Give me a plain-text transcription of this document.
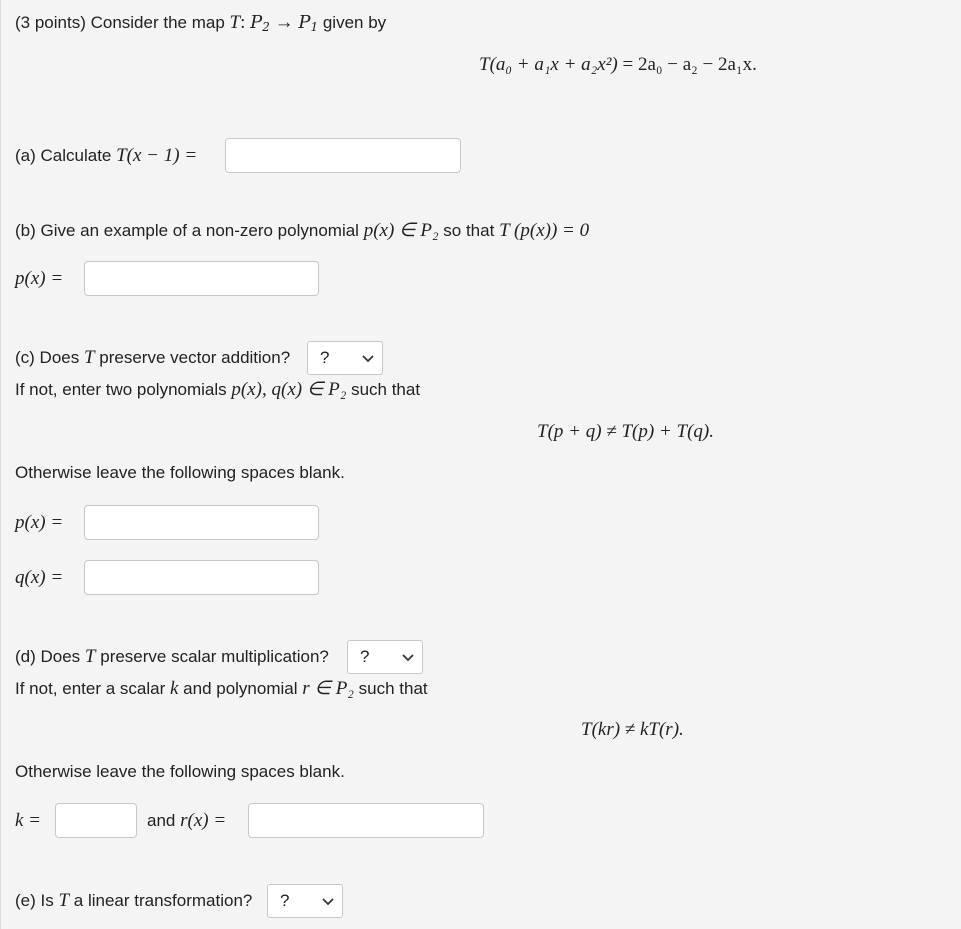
(3 points) Consider the map T: $P_2 \to P_1$ given by
T(a₀ + a₁x + a₂x²) = 2a₀ − a₂ − 2a₁x.
(a) Calculate T(x − 1) =
(b) Give an example of a non-zero polynomial p(x) ∈ P₂ so that T (p(x)) = 0
p(x) =
(c) Does T preserve vector addition?	?
If not, enter two polynomials p(x), q(x) ∈ P₂ such that
T(p + q) ≠ T(p) + T(q).
Otherwise leave the following spaces blank.
p(x) =
q(x) =
(d) Does T preserve scalar multiplication?	?
If not, enter a scalar k and polynomial r ∈ P₂ such that
T(kr) ≠ kT(r).
Otherwise leave the following spaces blank.
k =	and r(x) =
(e) Is T a linear transformation?	?
